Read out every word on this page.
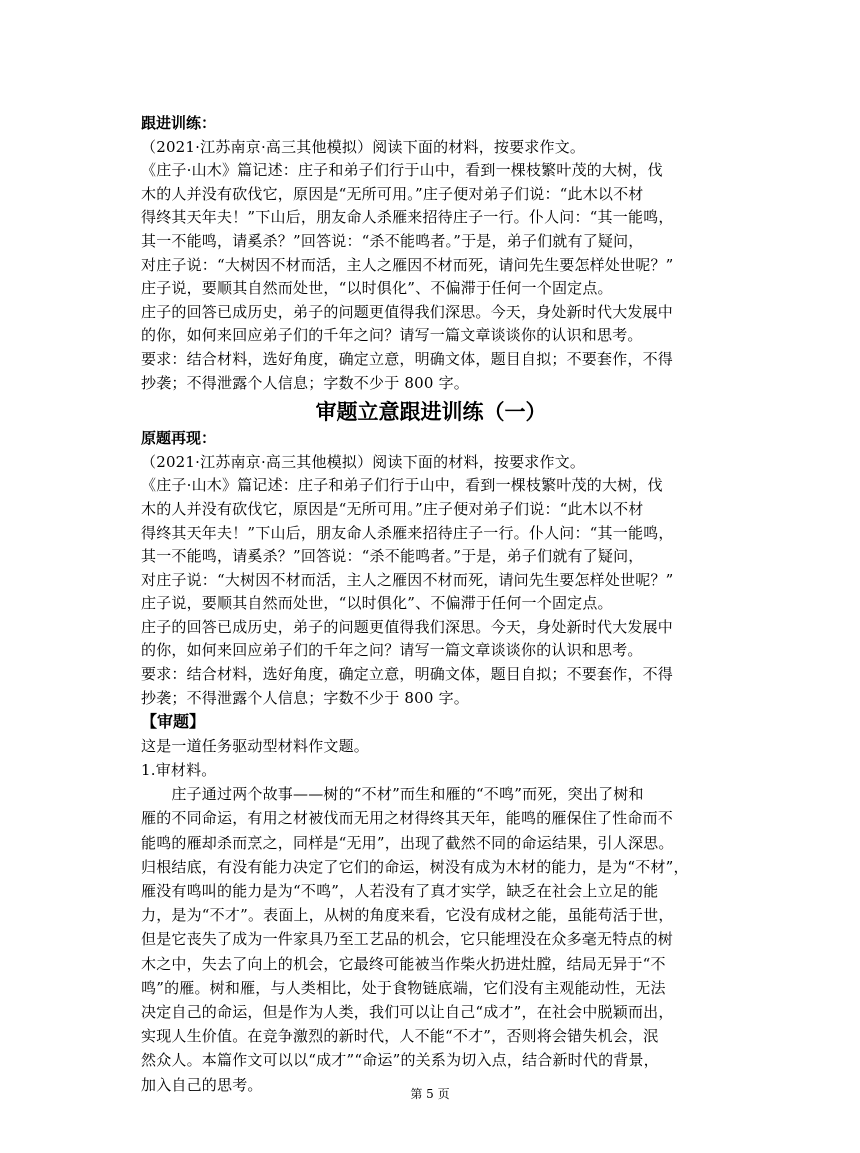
跟进训练：
（2021·江苏南京·高三其他模拟）阅读下面的材料，按要求作文。
《庄子·山木》篇记述：庄子和弟子们行于山中，看到一棵枝繁叶茂的大树，伐
木的人并没有砍伐它，原因是“无所可用。”庄子便对弟子们说：“此木以不材
得终其天年夫！”下山后，朋友命人杀雁来招待庄子一行。仆人问：“其一能鸣，
其一不能鸣，请奚杀？”回答说：“杀不能鸣者。”于是，弟子们就有了疑问，
对庄子说：“大树因不材而活，主人之雁因不材而死，请问先生要怎样处世呢？”
庄子说，要顺其自然而处世，“以时俱化”、不偏滞于任何一个固定点。
庄子的回答已成历史，弟子的问题更值得我们深思。今天，身处新时代大发展中
的你，如何来回应弟子们的千年之问？请写一篇文章谈谈你的认识和思考。
要求：结合材料，选好角度，确定立意，明确文体，题目自拟；不要套作，不得
抄袭；不得泄露个人信息；字数不少于 800 字。
审题立意跟进训练（一）
原题再现：
（2021·江苏南京·高三其他模拟）阅读下面的材料，按要求作文。
《庄子·山木》篇记述：庄子和弟子们行于山中，看到一棵枝繁叶茂的大树，伐
木的人并没有砍伐它，原因是“无所可用。”庄子便对弟子们说：“此木以不材
得终其天年夫！”下山后，朋友命人杀雁来招待庄子一行。仆人问：“其一能鸣，
其一不能鸣，请奚杀？”回答说：“杀不能鸣者。”于是，弟子们就有了疑问，
对庄子说：“大树因不材而活，主人之雁因不材而死，请问先生要怎样处世呢？”
庄子说，要顺其自然而处世，“以时俱化”、不偏滞于任何一个固定点。
庄子的回答已成历史，弟子的问题更值得我们深思。今天，身处新时代大发展中
的你，如何来回应弟子们的千年之问？请写一篇文章谈谈你的认识和思考。
要求：结合材料，选好角度，确定立意，明确文体，题目自拟；不要套作，不得
抄袭；不得泄露个人信息；字数不少于 800 字。
【审题】
这是一道任务驱动型材料作文题。
1.审材料。
　　庄子通过两个故事——树的“不材”而生和雁的“不鸣”而死，突出了树和
雁的不同命运，有用之材被伐而无用之材得终其天年，能鸣的雁保住了性命而不
能鸣的雁却杀而烹之，同样是“无用”，出现了截然不同的命运结果，引人深思。
归根结底，有没有能力决定了它们的命运，树没有成为木材的能力，是为“不材”，
雁没有鸣叫的能力是为“不鸣”，人若没有了真才实学，缺乏在社会上立足的能
力，是为“不才”。表面上，从树的角度来看，它没有成材之能，虽能苟活于世，
但是它丧失了成为一件家具乃至工艺品的机会，它只能埋没在众多毫无特点的树
木之中，失去了向上的机会，它最终可能被当作柴火扔进灶膛，结局无异于“不
鸣”的雁。树和雁，与人类相比，处于食物链底端，它们没有主观能动性，无法
决定自己的命运，但是作为人类，我们可以让自己“成才”，在社会中脱颖而出，
实现人生价值。在竞争激烈的新时代，人不能“不才”，否则将会错失机会，泯
然众人。本篇作文可以以“成才”“命运”的关系为切入点，结合新时代的背景，
加入自己的思考。
第 5 页
